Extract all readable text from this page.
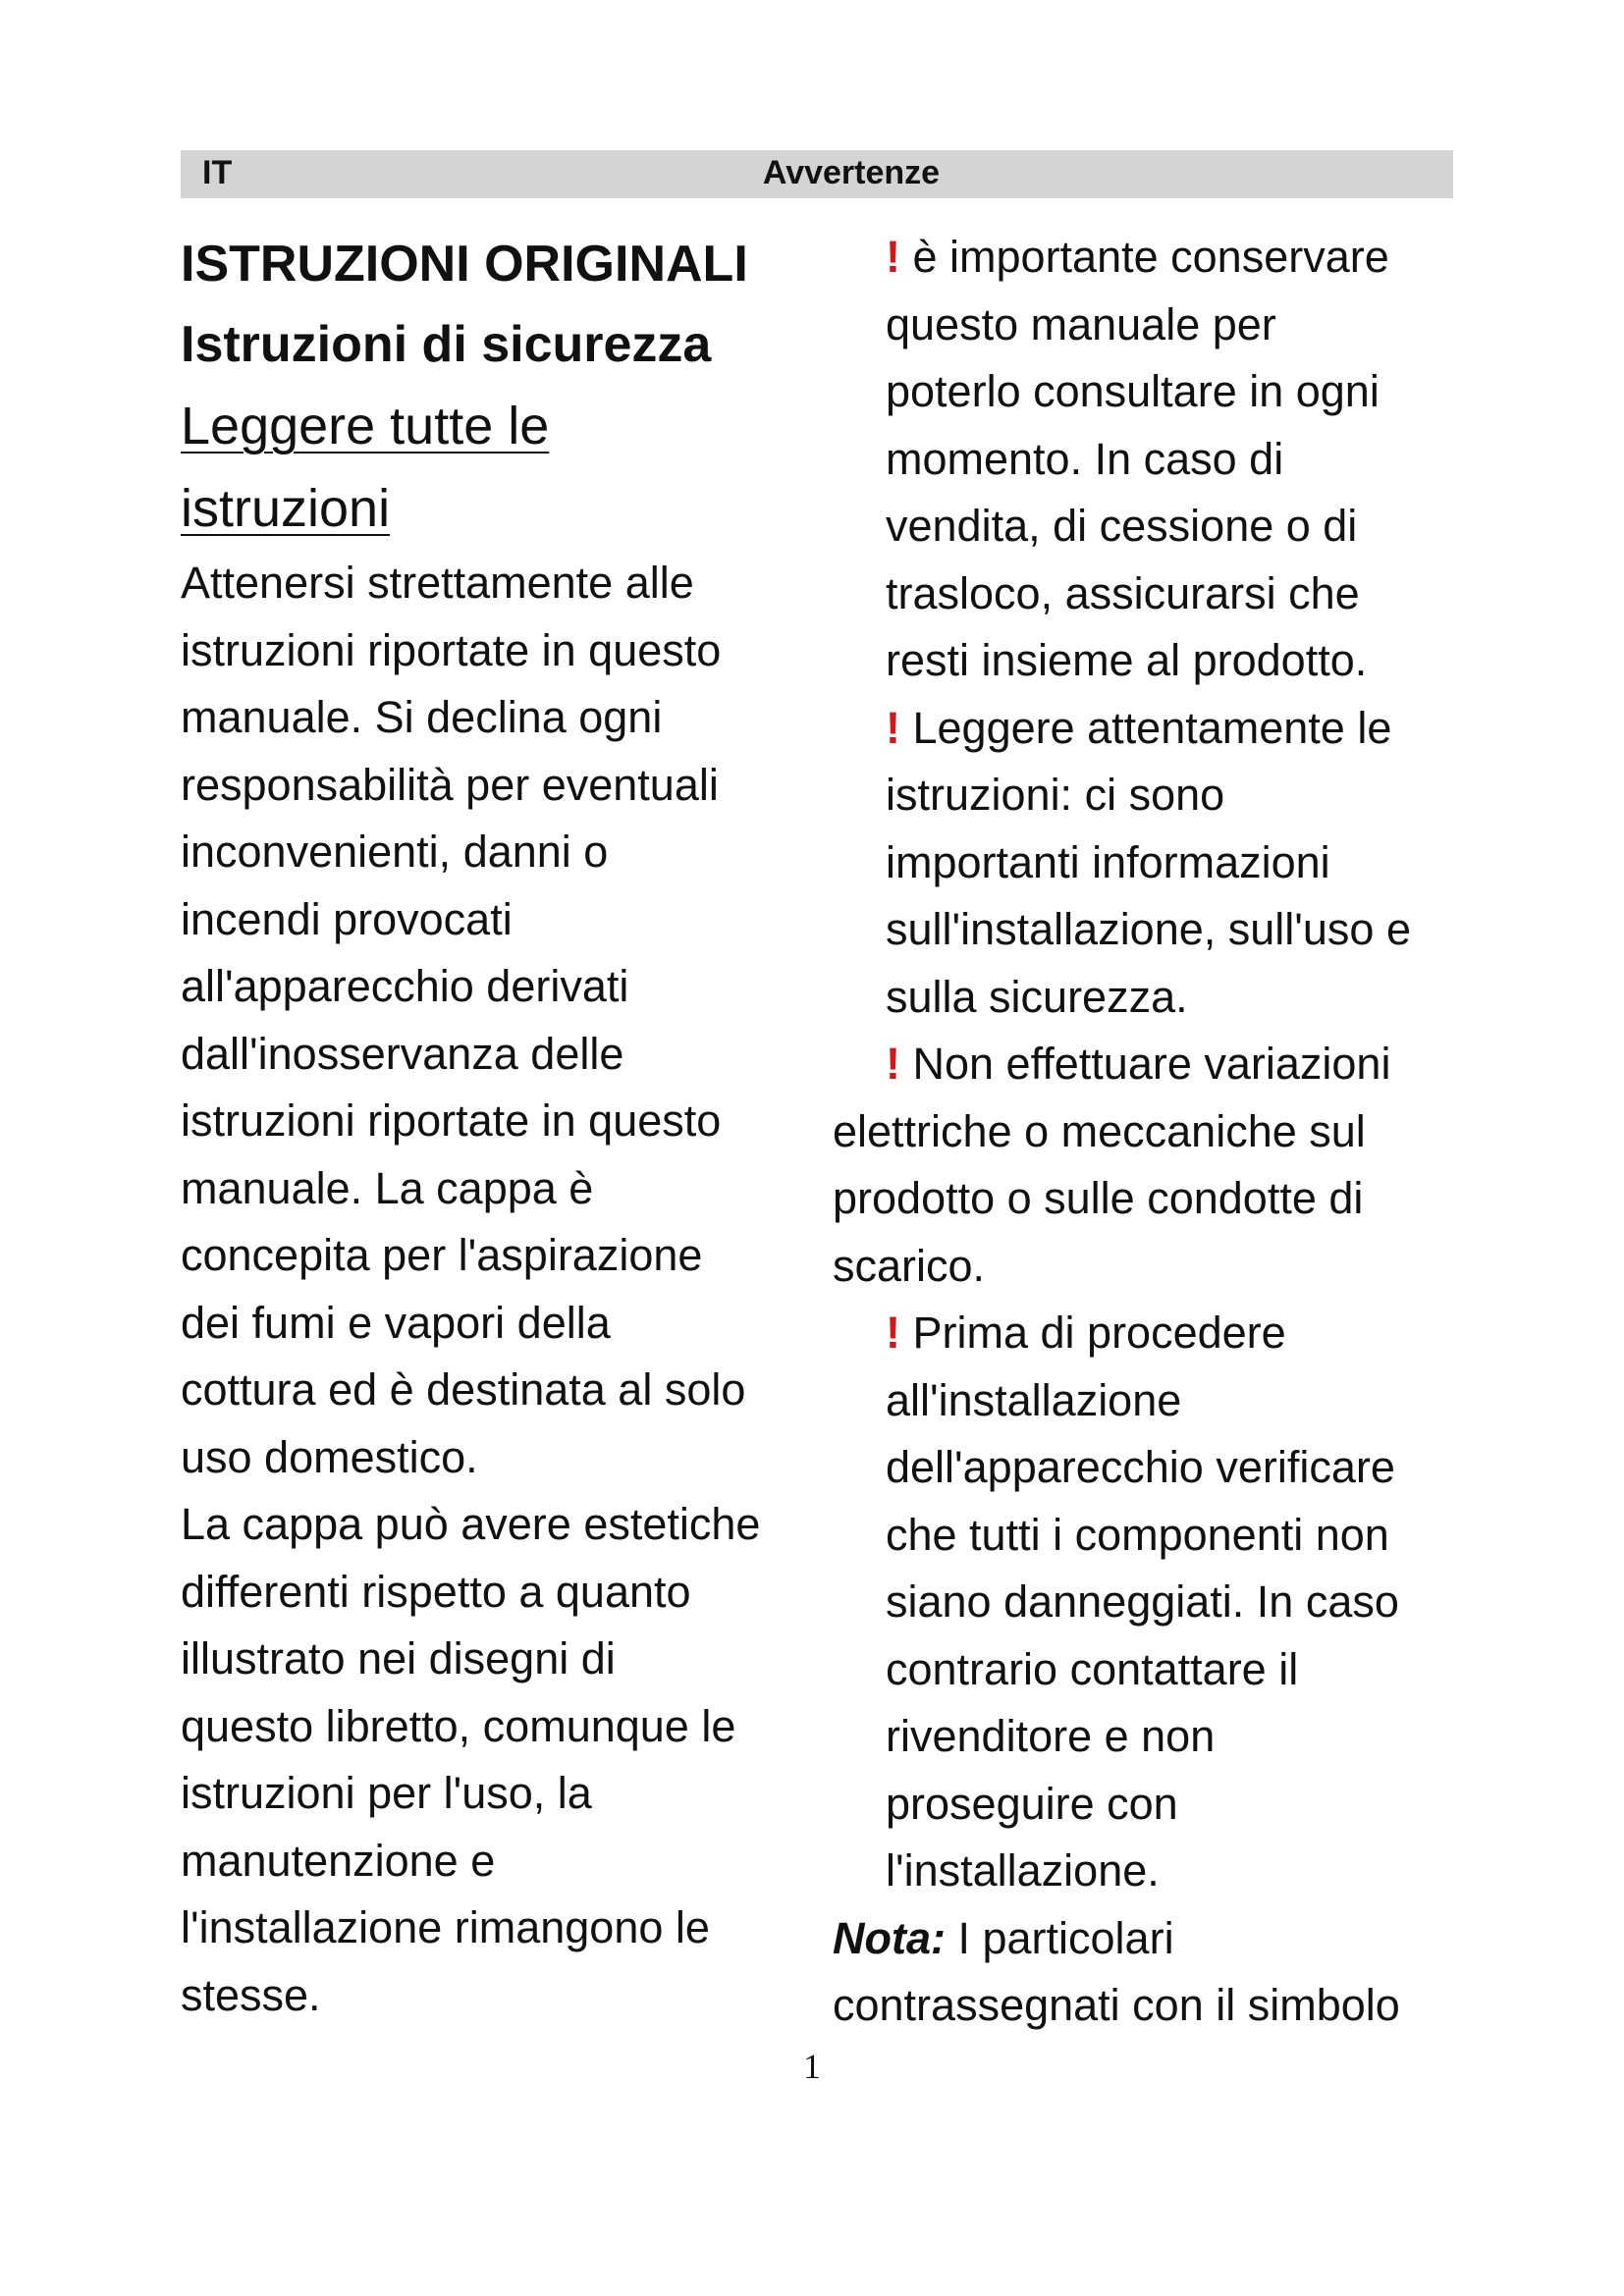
IT	Avvertenze
ISTRUZIONI ORIGINALI
Istruzioni di sicurezza
Leggere tutte le
istruzioni

Attenersi strettamente alle
istruzioni riportate in questo
manuale. Si declina ogni
responsabilità per eventuali
inconvenienti, danni o
incendi provocati
all'apparecchio derivati
dall'inosservanza delle
istruzioni riportate in questo
manuale. La cappa è
concepita per l'aspirazione
dei fumi e vapori della
cottura ed è destinata al solo
uso domestico.

La cappa può avere estetiche
differenti rispetto a quanto
illustrato nei disegni di
questo libretto, comunque le
istruzioni per l'uso, la
manutenzione e
l'installazione rimangono le
stesse.

! è importante conservare
questo manuale per
poterlo consultare in ogni
momento. In caso di
vendita, di cessione o di
trasloco, assicurarsi che
resti insieme al prodotto.

! Leggere attentamente le
istruzioni: ci sono
importanti informazioni
sull'installazione, sull'uso e
sulla sicurezza.

! Non effettuare variazioni
elettriche o meccaniche sul
prodotto o sulle condotte di
scarico.

! Prima di procedere
all'installazione
dell'apparecchio verificare
che tutti i componenti non
siano danneggiati. In caso
contrario contattare il
rivenditore e non
proseguire con
l'installazione.

Nota: I particolari
contrassegnati con il simbolo

1
